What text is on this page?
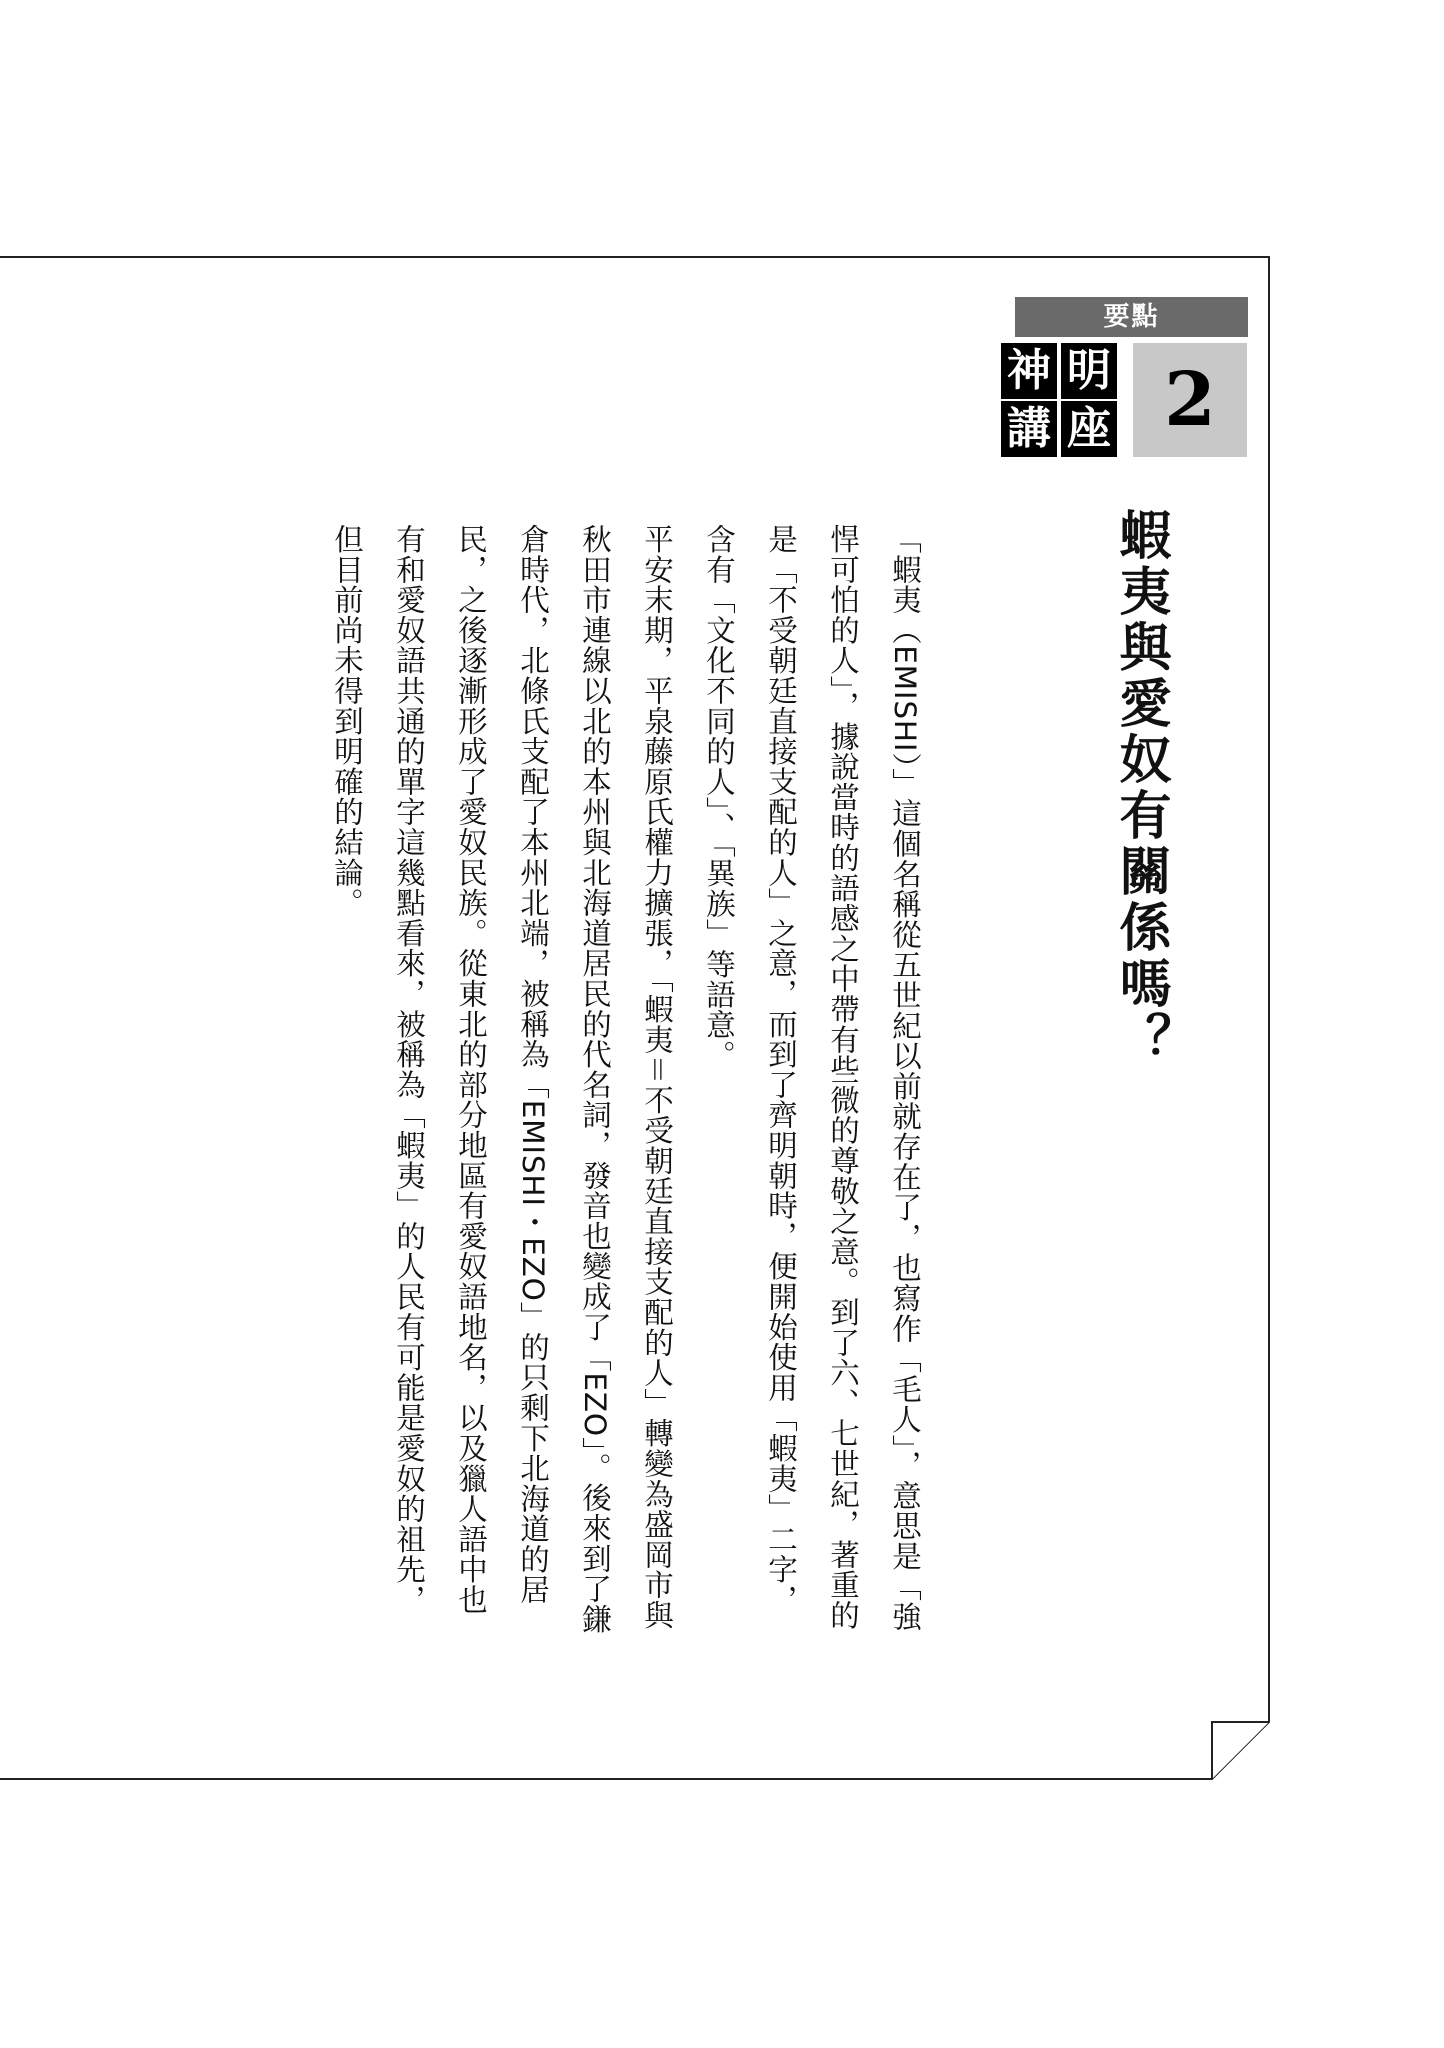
要點
神 明
講 座 2
蝦夷與愛奴有關係嗎？

「蝦夷（EMISHI）」這個名稱從五世紀以前就存在了，也寫作「毛人」，意思是「強悍可怕的人」，據說當時的語感之中帶有些微的尊敬之意。到了六、七世紀，著重的是「不受朝廷直接支配的人」之意，而到了齊明朝時，便開始使用「蝦夷」二字，含有「文化不同的人」、「異族」等語意。

平安末期，平泉藤原氏權力擴張，「蝦夷＝不受朝廷直接支配的人」轉變為盛岡市與秋田市連線以北的本州與北海道居民的代名詞，發音也變成了「EZO」。後來到了鎌倉時代，北條氏支配了本州北端，被稱為「EMISHI・EZO」的只剩下北海道的居民，之後逐漸形成了愛奴民族。從東北的部分地區有愛奴語地名，以及獵人語中也有和愛奴語共通的單字這幾點看來，被稱為「蝦夷」的人民有可能是愛奴的祖先，但目前尚未得到明確的結論。
